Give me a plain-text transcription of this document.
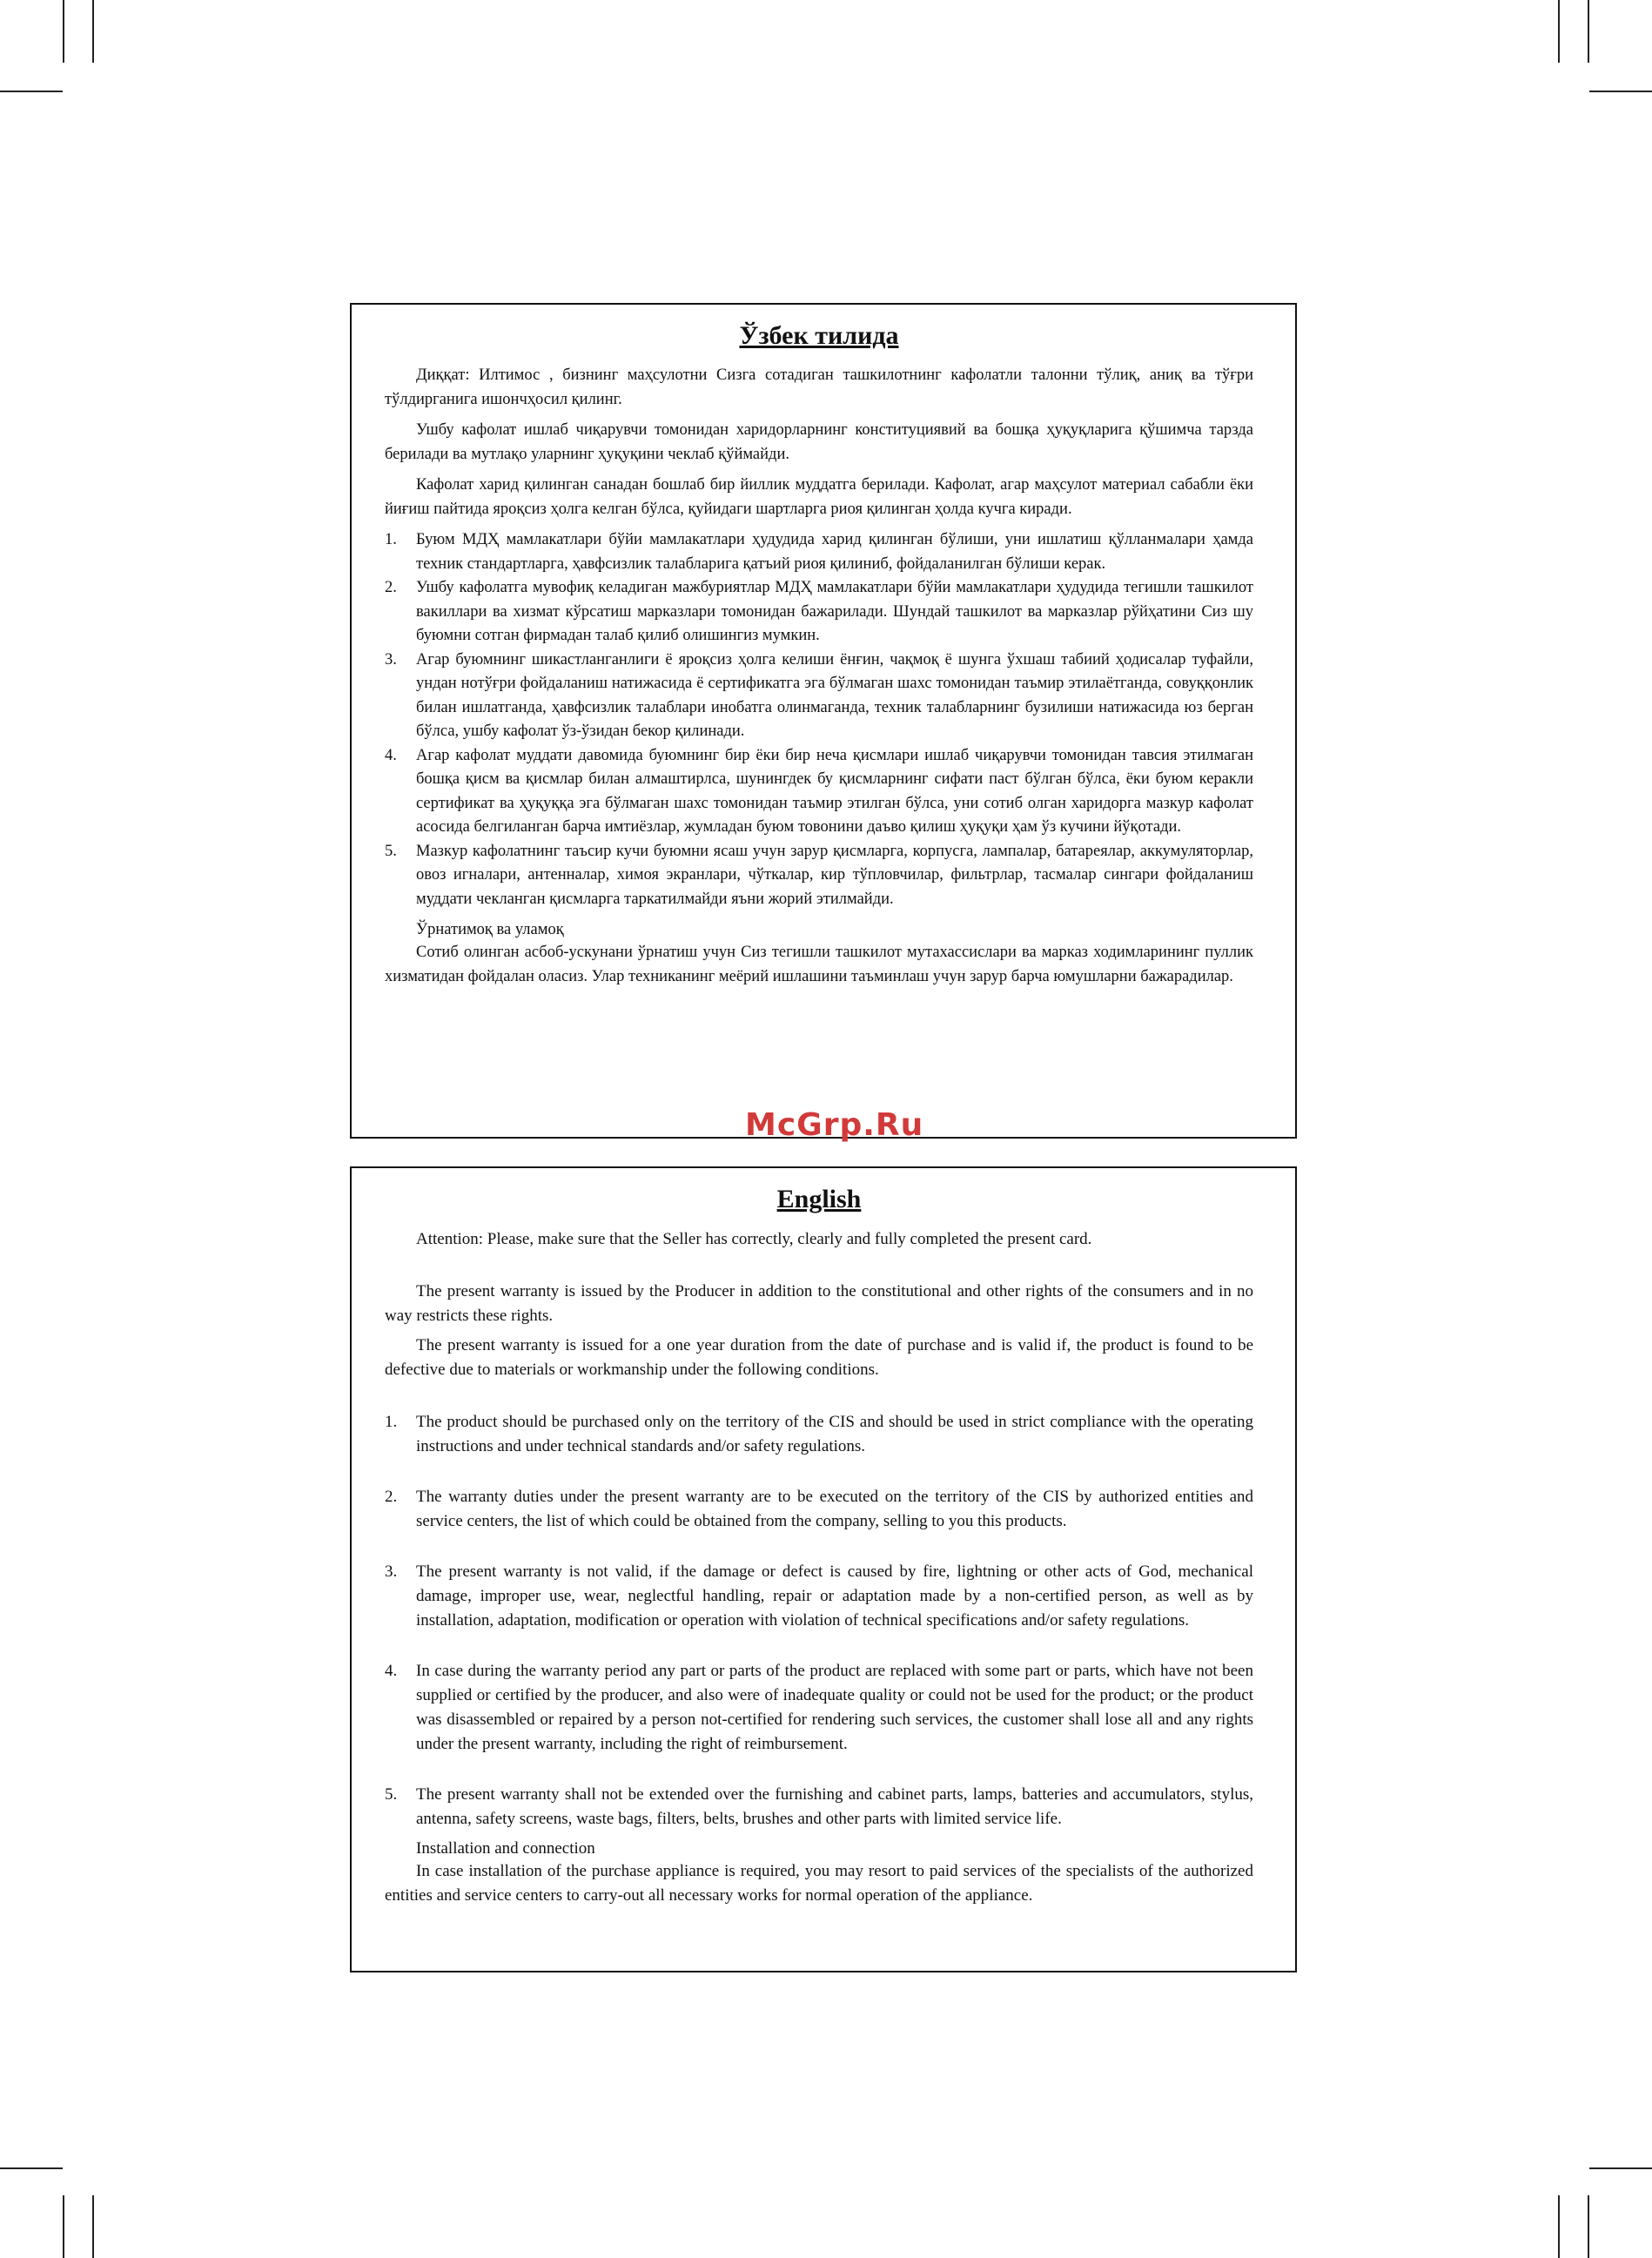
Ўзбек тилида

Диққат: Илтимос , бизнинг маҳсулотни Сизга сотадиган ташкилотнинг кафолатли талонни тўлиқ, аниқ ва тўғри тўлдирганига ишончҳосил қилинг.

Ушбу кафолат ишлаб чиқарувчи томонидан харидорларнинг конституциявий ва бошқа ҳуқуқларига қўшимча тарзда берилади ва мутлақо уларнинг ҳуқуқини чеклаб қўймайди.

Кафолат харид қилинган санадан бошлаб бир йиллик муддатга берилади. Кафолат, агар маҳсулот материал сабабли ёки йиғиш пайтида яроқсиз ҳолга келган бўлса, қуйидаги шартларга риоя қилинган ҳолда кучга киради.

1. Буюм МДҲ мамлакатлари бўйи мамлакатлари ҳудудида харид қилинган бўлиши, уни ишлатиш қўлланмалари ҳамда техник стандартларга, ҳавфсизлик талабларига қатъий риоя қилиниб, фойдаланилган бўлиши керак.
2. Ушбу кафолатга мувофиқ келадиган мажбуриятлар МДҲ мамлакатлари бўйи мамлакатлари ҳудудида тегишли ташкилот вакиллари ва хизмат кўрсатиш марказлари томонидан бажарилади. Шундай ташкилот ва марказлар рўйҳатини Сиз шу буюмни сотган фирмадан талаб қилиб олишингиз мумкин.
3. Агар буюмнинг шикастланганлиги ё яроқсиз ҳолга келиши ёнғин, чақмоқ ё шунга ўхшаш табиий ҳодисалар туфайли, ундан нотўғри фойдаланиш натижасида ё сертификатга эга бўлмаган шахс томонидан таъмир этилаётганда, совуққонлик билан ишлатганда, ҳавфсизлик талаблари инобатга олинмаганда, техник талабларнинг бузилиши натижасида юз берган бўлса, ушбу кафолат ўз-ўзидан бекор қилинади.
4. Агар кафолат муддати давомида буюмнинг бир ёки бир неча қисмлари ишлаб чиқарувчи томонидан тавсия этилмаган бошқа қисм ва қисмлар билан алмаштирлса, шунингдек бу қисмларнинг сифати паст бўлган бўлса, ёки буюм керакли сертификат ва ҳуқуққа эга бўлмаган шахс томонидан таъмир этилган бўлса, уни сотиб олган харидорга мазкур кафолат асосида белгиланган барча имтиёзлар, жумладан буюм товонини даъво қилиш ҳуқуқи ҳам ўз кучини йўқотади.
5. Мазкур кафолатнинг таъсир кучи буюмни ясаш учун зарур қисмларга, корпусга, лампалар, батареялар, аккумуляторлар, овоз игналари, антенналар, химоя экранлари, чўткалар, кир тўпловчилар, фильтрлар, тасмалар сингари фойдаланиш муддати чекланган қисмларга таркатилмайди яъни жорий этилмайди.

Ўрнатимоқ ва уламоқ

Сотиб олинган асбоб-ускунани ўрнатиш учун Сиз тегишли ташкилот мутахассислари ва марказ ходимларининг пуллик хизматидан фойдалан оласиз. Улар техниканинг меёрий ишлашини таъминлаш учун зарур барча юмушларни бажарадилар.

McGrp.Ru
English

Attention: Please, make sure that the Seller has correctly, clearly and fully completed the present card.

The present warranty is issued by the Producer in addition to the constitutional and other rights of the consumers and in no way restricts these rights.

The present warranty is issued for a one year duration from the date of purchase and is valid if, the product is found to be defective due to materials or workmanship under the following conditions.

1. The product should be purchased only on the territory of the CIS and should be used in strict compliance with the operating instructions and under technical standards and/or safety regulations.
2. The warranty duties under the present warranty are to be executed on the territory of the CIS by authorized entities and service centers, the list of which could be obtained from the company, selling to you this products.
3. The present warranty is not valid, if the damage or defect is caused by fire, lightning or other acts of God, mechanical damage, improper use, wear, neglectful handling, repair or adaptation made by a non-certified person, as well as by installation, adaptation, modification or operation with violation of technical specifications and/or safety regulations.
4. In case during the warranty period any part or parts of the product are replaced with some part or parts, which have not been supplied or certified by the producer, and also were of inadequate quality or could not be used for the product; or the product was disassembled or repaired by a person not-certified for rendering such services, the customer shall lose all and any rights under the present warranty, including the right of reimbursement.
5. The present warranty shall not be extended over the furnishing and cabinet parts, lamps, batteries and accumulators, stylus, antenna, safety screens, waste bags, filters, belts, brushes and other parts with limited service life.

Installation and connection

In case installation of the purchase appliance is required, you may resort to paid services of the specialists of the authorized entities and service centers to carry-out all necessary works for normal operation of the appliance.
